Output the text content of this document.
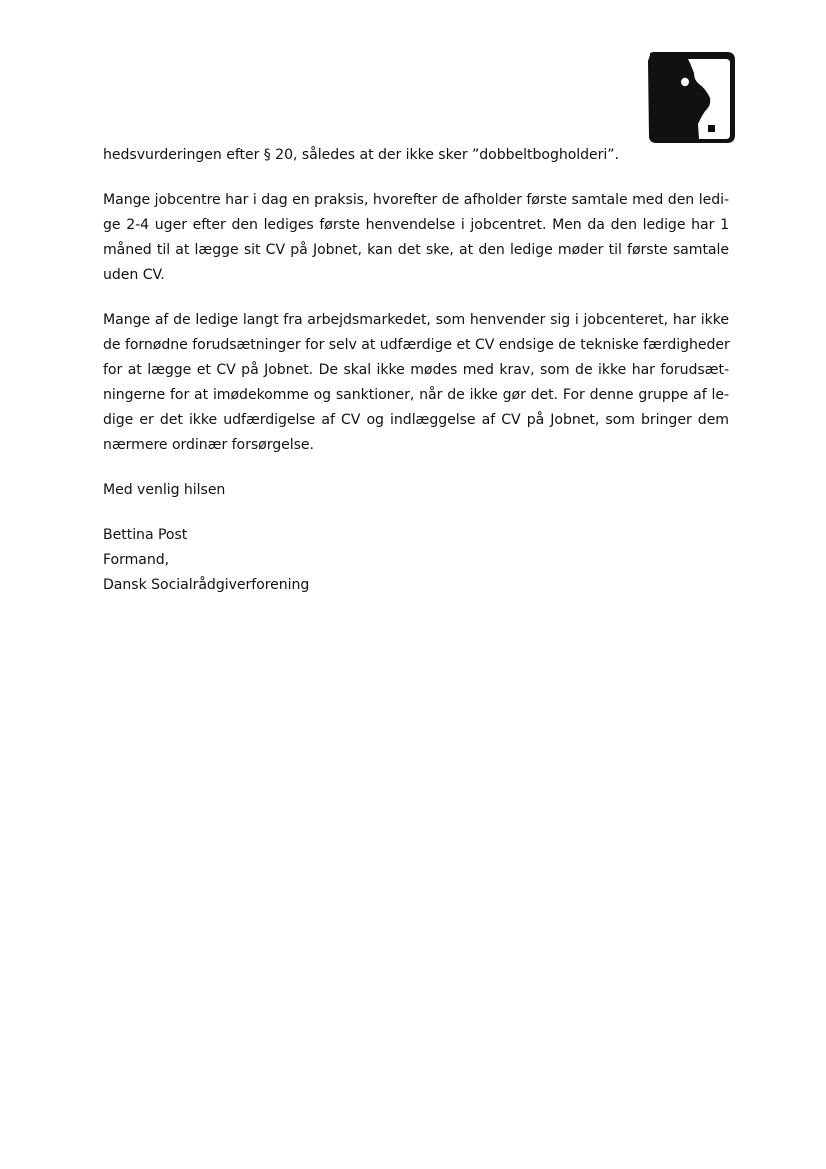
hedsvurderingen efter § 20, således at der ikke sker ”dobbeltbogholderi”.

Mange jobcentre har i dag en praksis, hvorefter de afholder første samtale med den ledi-
ge 2-4 uger efter den lediges første henvendelse i jobcentret. Men da den ledige har 1
måned til at lægge sit CV på Jobnet, kan det ske, at den ledige møder til første samtale
uden CV.

Mange af de ledige langt fra arbejdsmarkedet, som henvender sig i jobcenteret, har ikke
de fornødne forudsætninger for selv at udfærdige et CV endsige de tekniske færdigheder
for at lægge et CV på Jobnet. De skal ikke mødes med krav, som de ikke har forudsæt-
ningerne for at imødekomme og sanktioner, når de ikke gør det. For denne gruppe af le-
dige er det ikke udfærdigelse af CV og indlæggelse af CV på Jobnet, som bringer dem
nærmere ordinær forsørgelse.

Med venlig hilsen

Bettina Post
Formand,
Dansk Socialrådgiverforening
